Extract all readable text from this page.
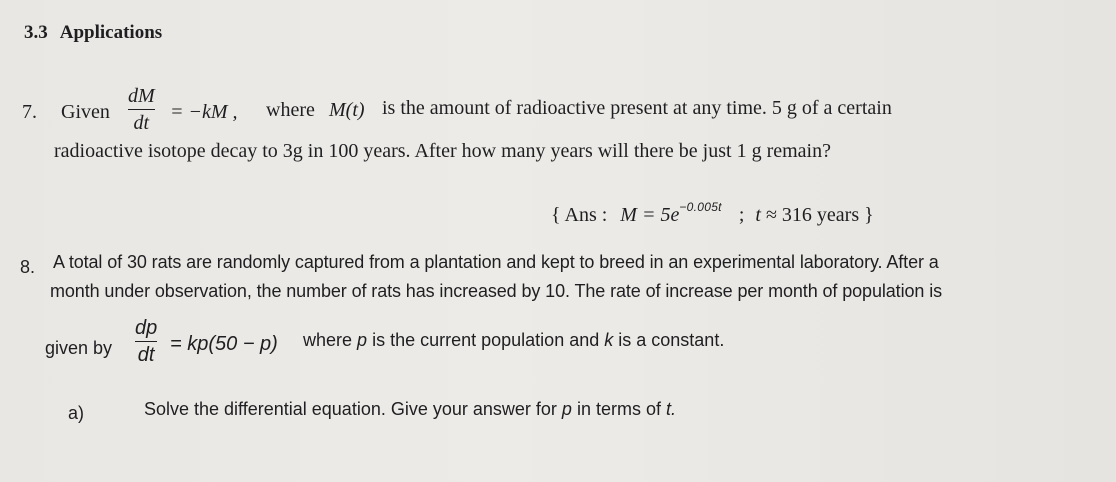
3.3 Applications
7. Given $\frac{dM}{dt} = -kM$ , where M(t) is the amount of radioactive present at any time. 5 g of a certain
radioactive isotope decay to 3g in 100 years. After how many years will there be just 1 g remain?
{ Ans : $M = 5e^{-0.005t}$ ; t ≈ 316 years }
8. A total of 30 rats are randomly captured from a plantation and kept to breed in an experimental laboratory. After a
month under observation, the number of rats has increased by 10. The rate of increase per month of population is
given by $\frac{dp}{dt} = kp(50 - p)$ where p is the current population and k is a constant.
a)	Solve the differential equation. Give your answer for p in terms of t.
